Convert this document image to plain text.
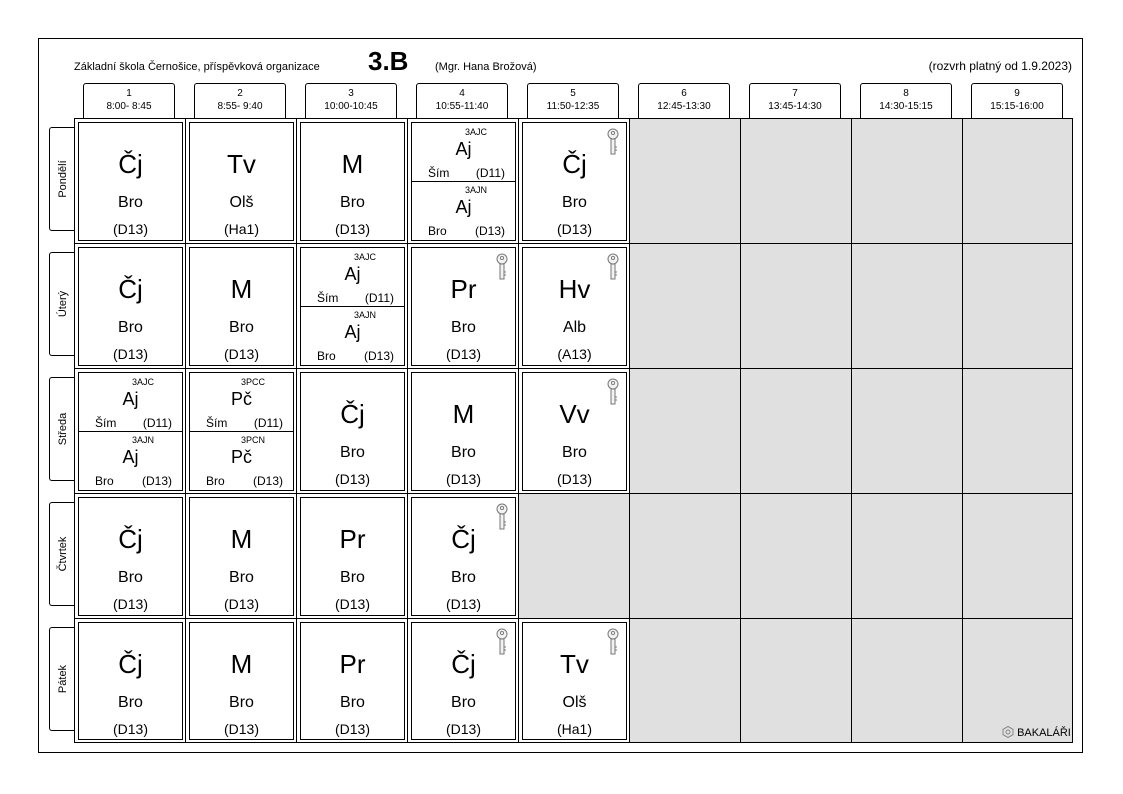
Základní škola Černošice, příspěvková organizace 3.B (Mgr. Hana Brožová)	(rozvrh platný od 1.9.2023)
1
8:00- 8:45
2
8:55- 9:40
3
10:00-10:45
4
10:55-11:40
5
11:50-12:35
6
12:45-13:30
7
13:45-14:30
8
14:30-15:15
9
15:15-16:00
Pondělí
Úterý
Středa
Čtvrtek
Pátek
Čj
Bro
(D13)
Tv
Olš
(Ha1)
M
Bro
(D13)
3AJC
Aj
Ším (D11)
3AJN
Aj
Bro (D13)
Čj
Bro
(D13)
Čj
Bro
(D13)
M
Bro
(D13)
3AJC
Aj
Ším (D11)
3AJN
Aj
Bro (D13)
Pr
Bro
(D13)
Hv
Alb
(A13)
3AJC
Aj
Ším (D11)
3AJN
Aj
Bro (D13)
3PCC
Pč
Ším (D11)
3PCN
Pč
Bro (D13)
Čj
Bro
(D13)
M
Bro
(D13)
Vv
Bro
(D13)
Čj
Bro
(D13)
M
Bro
(D13)
Pr
Bro
(D13)
Čj
Bro
(D13)
Čj
Bro
(D13)
M
Bro
(D13)
Pr
Bro
(D13)
Čj
Bro
(D13)
Tv
Olš
(Ha1)	BAKALÁŘI
